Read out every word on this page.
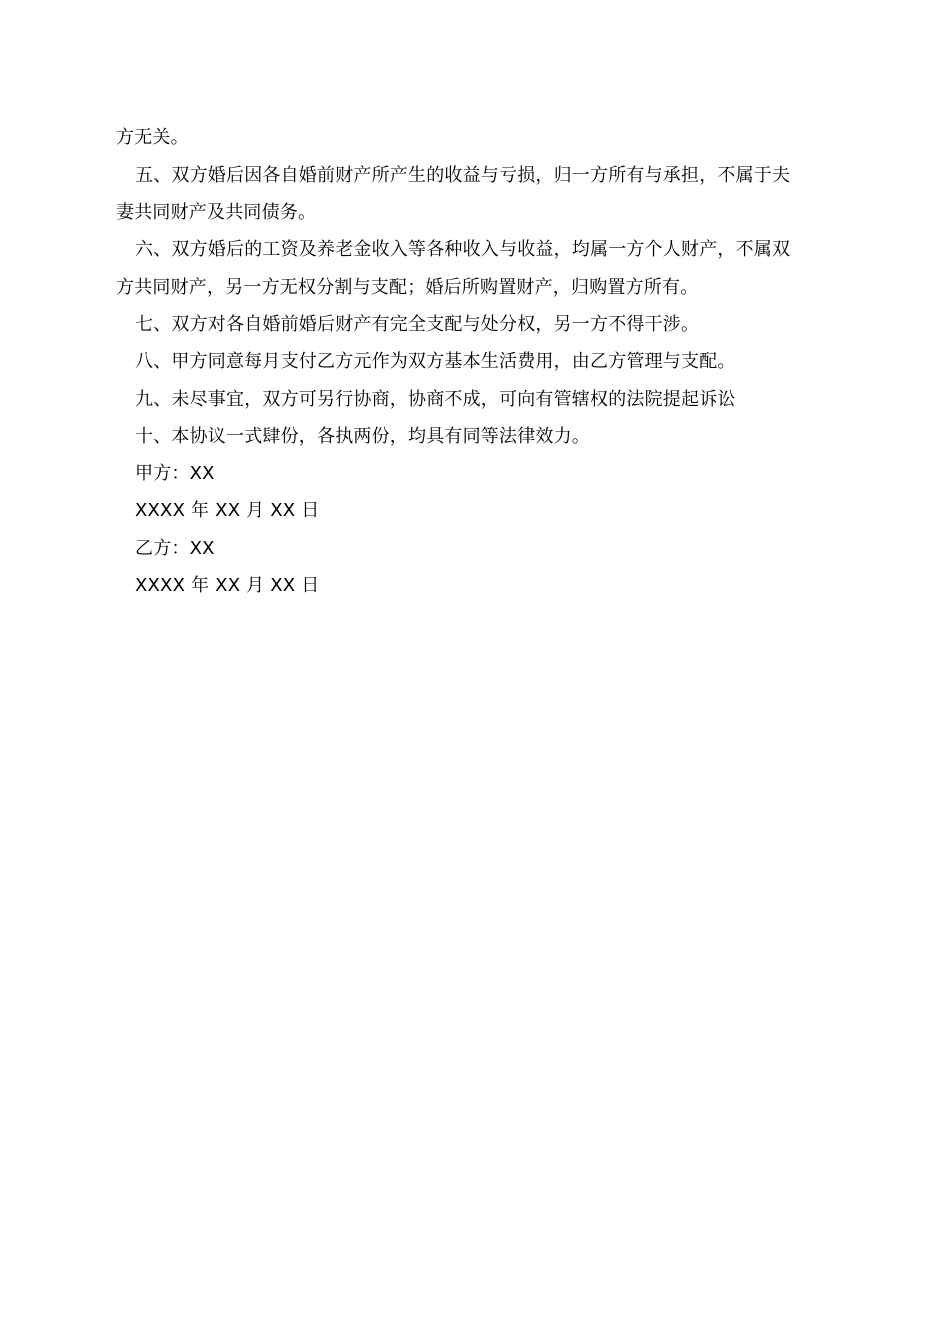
方无关。
五、双方婚后因各自婚前财产所产生的收益与亏损，归一方所有与承担，不属于夫
妻共同财产及共同债务。
六、双方婚后的工资及养老金收入等各种收入与收益，均属一方个人财产，不属双
方共同财产，另一方无权分割与支配；婚后所购置财产，归购置方所有。
七、双方对各自婚前婚后财产有完全支配与处分权，另一方不得干涉。
八、甲方同意每月支付乙方元作为双方基本生活费用，由乙方管理与支配。
九、未尽事宜，双方可另行协商，协商不成，可向有管辖权的法院提起诉讼
十、本协议一式肆份，各执两份，均具有同等法律效力。
甲方：XX
XXXX 年 XX 月 XX 日
乙方：XX
XXXX 年 XX 月 XX 日
